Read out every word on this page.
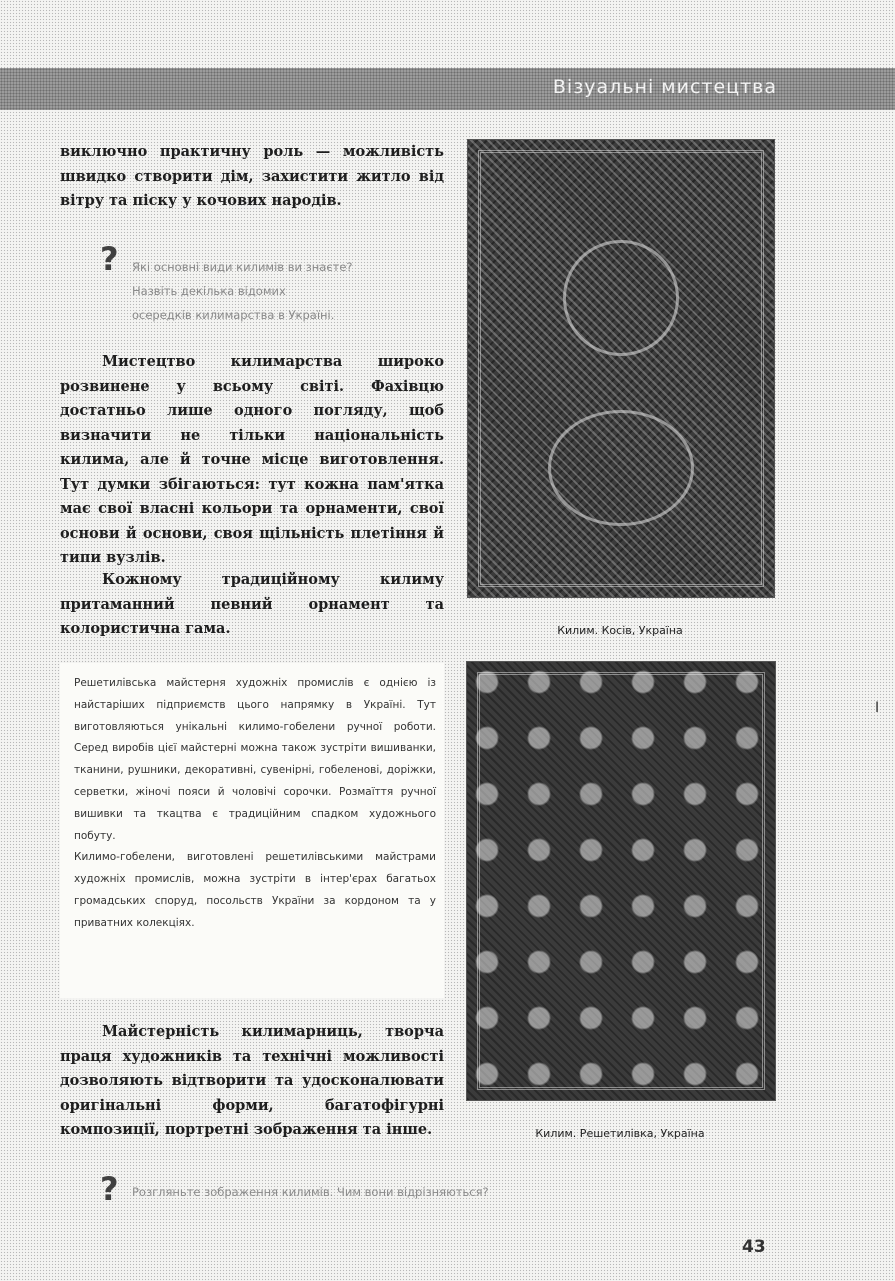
Візуальні мистецтва

виключно практичну роль — можливість швидко створити дім, захистити житло від вітру та піску у кочових народів.

? Які основні види килимів ви знаєте?
Назвіть декілька відомих
осередків килимарства в Україні.

Мистецтво килимарства широко розвинене у всьому світі. Фахівцю достатньо лише одного погляду, щоб визначити не тільки національність килима, але й точне місце виготовлення. Тут думки збігаються: тут кожна пам'ятка має свої власні кольори та орнаменти, свої основи й основи, своя щільність плетіння й типи вузлів.

Кожному традиційному килиму притаманний певний орнамент та колористична гама.

Решетилівська майстерня художніх промислів є однією із найстаріших підприємств цього напрямку в Україні. Тут виготовляються унікальні килимо-гобелени ручної роботи. Серед виробів цієї майстерні можна також зустріти вишиванки, тканини, рушники, декоративні, сувенірні, гобеленові, доріжки, серветки, жіночі пояси й чоловічі сорочки. Розмаїття ручної вишивки та ткацтва є традиційним спадком художнього побуту.

Килимо-гобелени, виготовлені решетилівськими майстрами художніх промислів, можна зустріти в інтер'єрах багатьох громадських споруд, посольств України за кордоном та у приватних колекціях.

Майстерність килимарниць, творча праця художників та технічні можливості дозволяють відтворити та удосконалювати оригінальні форми, багатофігурні композиції, портретні зображення та інше.

Килим. Косів, Україна
Килим. Решетилівка, Україна
? Розгляньте зображення килимів. Чим вони відрізняються?
I
43
